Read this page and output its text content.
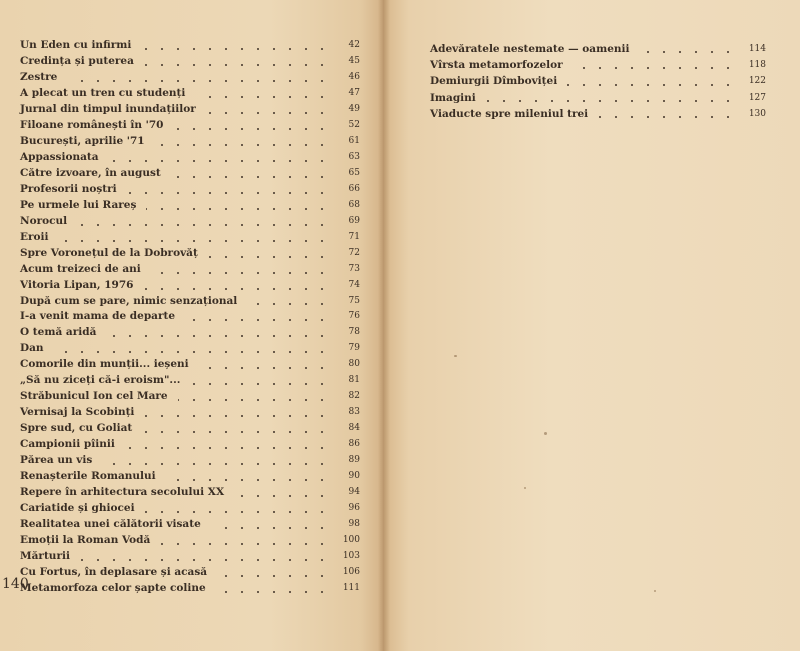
Un Eden cu infirmi	42
Credința și puterea	45
Zestre	46
A plecat un tren cu studenți	47
Jurnal din timpul inundațiilor	49
Filoane românești în '70	52
București, aprilie '71	61
Appassionata	63
Către izvoare, în august	65
Profesorii noștri	66
Pe urmele lui Rareș	68
Norocul	69
Eroii	71
Spre Voronețul de la Dobrovăț	72
Acum treizeci de ani	73
Vitoria Lipan, 1976	74
După cum se pare, nimic senzațional	75
I-a venit mama de departe	76
O temă aridă	78
Dan	79
Comorile din munții... ieșeni	80
„Să nu ziceți că-i eroism"...	81
Străbunicul Ion cel Mare	82
Vernisaj la Scobinți	83
Spre sud, cu Goliat	84
Campionii pîinii	86
Părea un vis	89
Renașterile Romanului	90
Repere în arhitectura secolului XX	94
Cariatide și ghiocei	96
Realitatea unei călătorii visate	98
Emoții la Roman Vodă	100
Mărturii	103
Cu Fortus, în deplasare și acasă	106
Metamorfoza celor șapte coline	111
140
Adevăratele nestemate — oamenii	114
Vîrsta metamorfozelor	118
Demiurgii Dîmboviței	122
Imagini	127
Viaducte spre mileniul trei	130
